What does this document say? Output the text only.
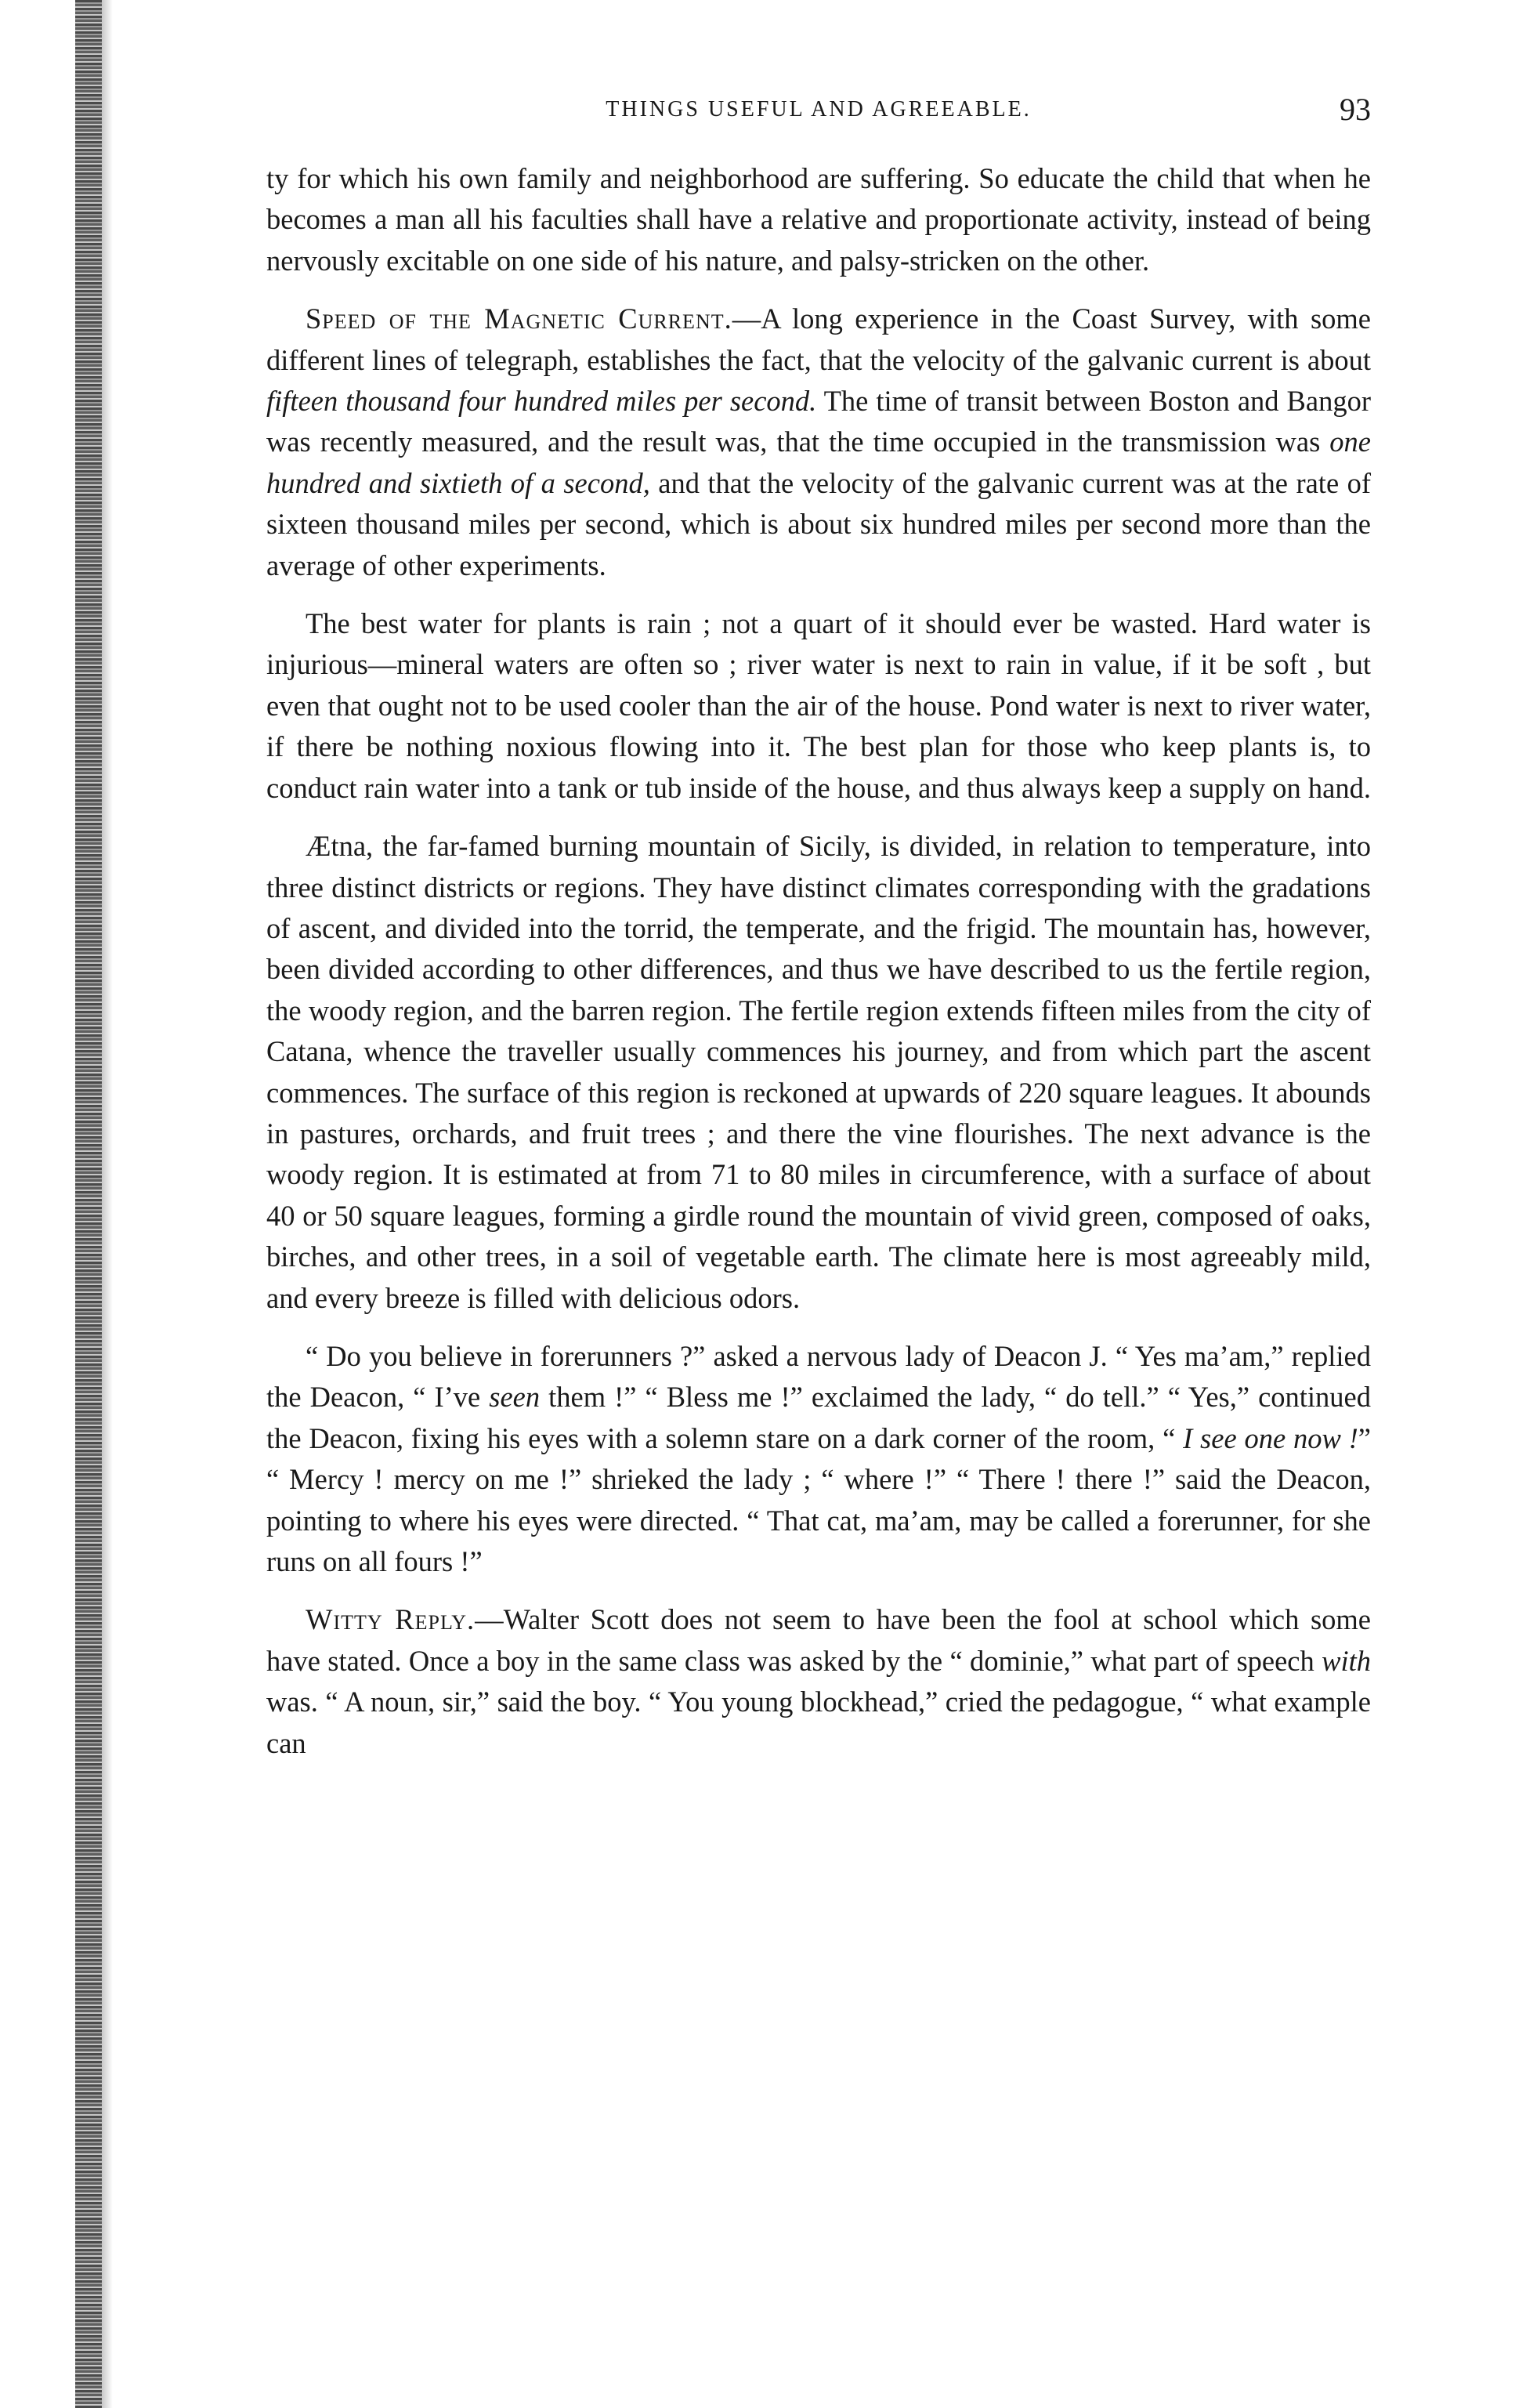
THINGS USEFUL AND AGREEABLE.	93

ty for which his own family and neighborhood are suffering. So educate the child that when he becomes a man all his faculties shall have a relative and proportionate activity, instead of being nervously excitable on one side of his nature, and palsy-stricken on the other.

Speed of the Magnetic Current.—A long experience in the Coast Survey, with some different lines of telegraph, establishes the fact, that the velocity of the galvanic current is about fifteen thousand four hundred miles per second. The time of transit between Boston and Bangor was recently measured, and the result was, that the time occupied in the transmission was one hundred and sixtieth of a second, and that the velocity of the galvanic current was at the rate of sixteen thousand miles per second, which is about six hundred miles per second more than the average of other experiments.

The best water for plants is rain ; not a quart of it should ever be wasted. Hard water is injurious—mineral waters are often so ; river water is next to rain in value, if it be soft , but even that ought not to be used cooler than the air of the house. Pond water is next to river water, if there be nothing noxious flowing into it. The best plan for those who keep plants is, to conduct rain water into a tank or tub inside of the house, and thus always keep a supply on hand.

Ætna, the far-famed burning mountain of Sicily, is divided, in relation to temperature, into three distinct districts or regions. They have distinct climates corresponding with the gradations of ascent, and divided into the torrid, the temperate, and the frigid. The mountain has, however, been divided according to other differences, and thus we have described to us the fertile region, the woody region, and the barren region. The fertile region extends fifteen miles from the city of Catana, whence the traveller usually commences his journey, and from which part the ascent commences. The surface of this region is reckoned at upwards of 220 square leagues. It abounds in pastures, orchards, and fruit trees ; and there the vine flourishes. The next advance is the woody region. It is estimated at from 71 to 80 miles in circumference, with a surface of about 40 or 50 square leagues, forming a girdle round the mountain of vivid green, composed of oaks, birches, and other trees, in a soil of vegetable earth. The climate here is most agreeably mild, and every breeze is filled with delicious odors.

“ Do you believe in forerunners ?” asked a nervous lady of Deacon J. “ Yes ma’am,” replied the Deacon, “ I’ve seen them !” “ Bless me !” exclaimed the lady, “ do tell.” “ Yes,” continued the Deacon, fixing his eyes with a solemn stare on a dark corner of the room, “ I see one now !” “ Mercy ! mercy on me !” shrieked the lady ; “ where !” “ There ! there !” said the Deacon, pointing to where his eyes were directed. “ That cat, ma’am, may be called a forerunner, for she runs on all fours !”

Witty Reply.—Walter Scott does not seem to have been the fool at school which some have stated. Once a boy in the same class was asked by the “ dominie,” what part of speech with was. “ A noun, sir,” said the boy. “ You young blockhead,” cried the pedagogue, “ what example can
